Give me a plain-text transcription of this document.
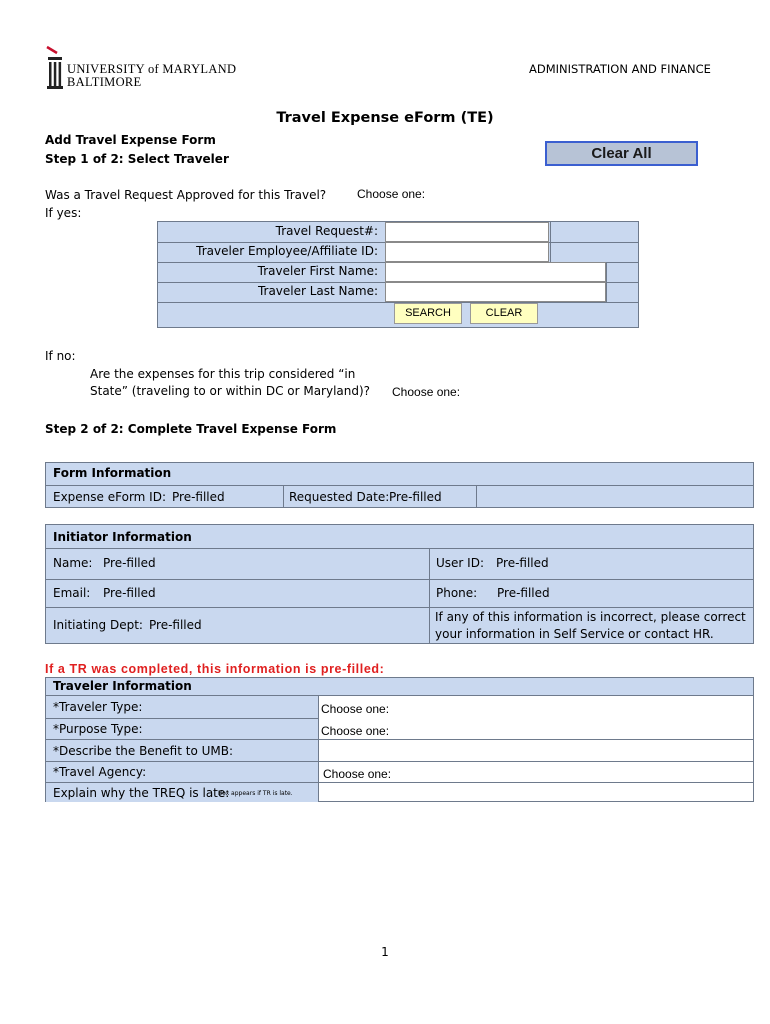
UNIVERSITY of MARYLAND
BALTIMORE
ADMINISTRATION AND FINANCE
Travel Expense eForm (TE)
Add Travel Expense Form
Step 1 of 2: Select Traveler	Clear All
Was a Travel Request Approved for this Travel?	Choose one:
If yes:
Travel Request#:
Traveler Employee/Affiliate ID:
Traveler First Name:
Traveler Last Name:
SEARCH	CLEAR
If no:
Are the expenses for this trip considered “in
State” (traveling to or within DC or Maryland)? Choose one:
Step 2 of 2: Complete Travel Expense Form
Form Information
Expense eForm ID: Pre-filled	Requested Date: Pre-filled
Initiator Information
Name: Pre-filled	User ID: Pre-filled
Email: Pre-filled	Phone: Pre-filled
Initiating Dept: Pre-filled
If any of this information is incorrect, please correct
your information in Self Service or contact HR.
If a TR was completed, this information is pre-filled:
Traveler Information
*Traveler Type:	Choose one:
*Purpose Type:	Choose one:
*Describe the Benefit to UMB:
*Travel Agency:	Choose one:
Explain why the TREQ is late:
Box appears if TR is late.
1
